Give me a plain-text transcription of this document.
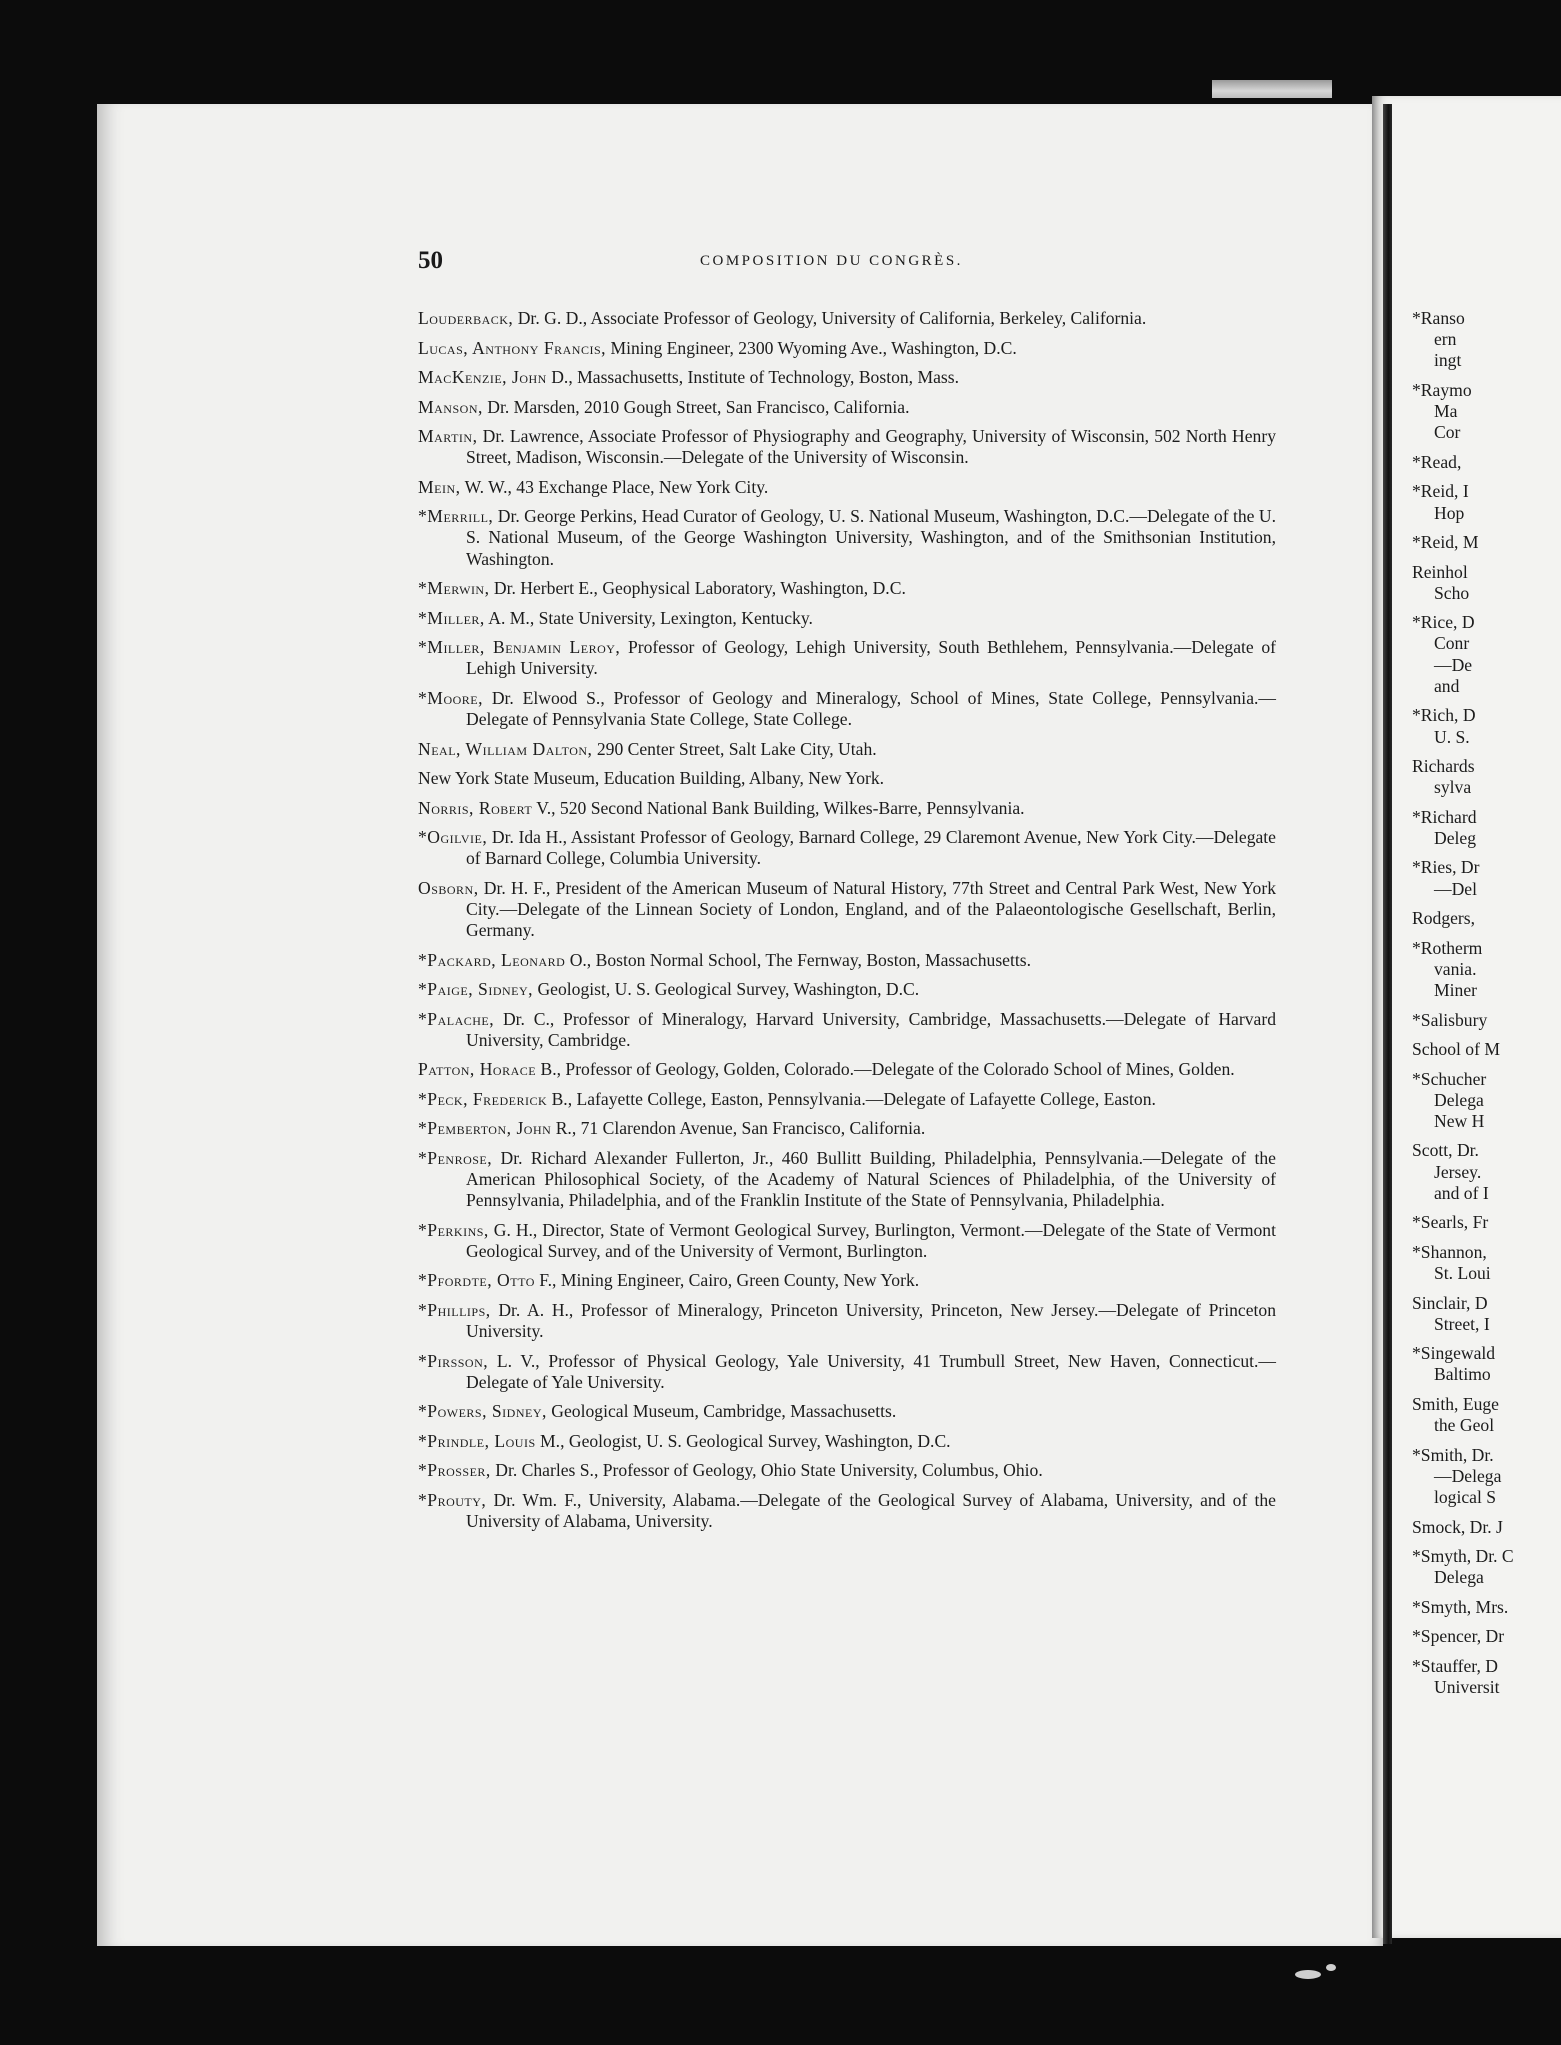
50	COMPOSITION DU CONGRÈS.

Louderback, Dr. G. D., Associate Professor of Geology, University of California, Berkeley, California.

Lucas, Anthony Francis, Mining Engineer, 2300 Wyoming Ave., Washington, D.C.

MacKenzie, John D., Massachusetts, Institute of Technology, Boston, Mass.

Manson, Dr. Marsden, 2010 Gough Street, San Francisco, California.

Martin, Dr. Lawrence, Associate Professor of Physiography and Geography, University of Wisconsin, 502 North Henry Street, Madison, Wisconsin.—Delegate of the University of Wisconsin.

Mein, W. W., 43 Exchange Place, New York City.

*Merrill, Dr. George Perkins, Head Curator of Geology, U. S. National Museum, Washington, D.C.—Delegate of the U. S. National Museum, of the George Washington University, Washington, and of the Smithsonian Institution, Washington.

*Merwin, Dr. Herbert E., Geophysical Laboratory, Washington, D.C.

*Miller, A. M., State University, Lexington, Kentucky.

*Miller, Benjamin Leroy, Professor of Geology, Lehigh University, South Bethlehem, Pennsylvania.—Delegate of Lehigh University.

*Moore, Dr. Elwood S., Professor of Geology and Mineralogy, School of Mines, State College, Pennsylvania.—Delegate of Pennsylvania State College, State College.

Neal, William Dalton, 290 Center Street, Salt Lake City, Utah.

New York State Museum, Education Building, Albany, New York.

Norris, Robert V., 520 Second National Bank Building, Wilkes-Barre, Pennsylvania.

*Ogilvie, Dr. Ida H., Assistant Professor of Geology, Barnard College, 29 Claremont Avenue, New York City.—Delegate of Barnard College, Columbia University.

Osborn, Dr. H. F., President of the American Museum of Natural History, 77th Street and Central Park West, New York City.—Delegate of the Linnean Society of London, England, and of the Palaeontologische Gesellschaft, Berlin, Germany.

*Packard, Leonard O., Boston Normal School, The Fernway, Boston, Massachusetts.

*Paige, Sidney, Geologist, U. S. Geological Survey, Washington, D.C.

*Palache, Dr. C., Professor of Mineralogy, Harvard University, Cambridge, Massachusetts.—Delegate of Harvard University, Cambridge.

Patton, Horace B., Professor of Geology, Golden, Colorado.—Delegate of the Colorado School of Mines, Golden.

*Peck, Frederick B., Lafayette College, Easton, Pennsylvania.—Delegate of Lafayette College, Easton.

*Pemberton, John R., 71 Clarendon Avenue, San Francisco, California.

*Penrose, Dr. Richard Alexander Fullerton, Jr., 460 Bullitt Building, Philadelphia, Pennsylvania.—Delegate of the American Philosophical Society, of the Academy of Natural Sciences of Philadelphia, of the University of Pennsylvania, Philadelphia, and of the Franklin Institute of the State of Pennsylvania, Philadelphia.

*Perkins, G. H., Director, State of Vermont Geological Survey, Burlington, Vermont.—Delegate of the State of Vermont Geological Survey, and of the University of Vermont, Burlington.

*Pfordte, Otto F., Mining Engineer, Cairo, Green County, New York.

*Phillips, Dr. A. H., Professor of Mineralogy, Princeton University, Princeton, New Jersey.—Delegate of Princeton University.

*Pirsson, L. V., Professor of Physical Geology, Yale University, 41 Trumbull Street, New Haven, Connecticut.—Delegate of Yale University.

*Powers, Sidney, Geological Museum, Cambridge, Massachusetts.

*Prindle, Louis M., Geologist, U. S. Geological Survey, Washington, D.C.

*Prosser, Dr. Charles S., Professor of Geology, Ohio State University, Columbus, Ohio.

*Prouty, Dr. Wm. F., University, Alabama.—Delegate of the Geological Survey of Alabama, University, and of the University of Alabama, University.

*Ranso
ern
ingt
*Raymo
Ma
Cor
*Read,
*Reid, I
Hop
*Reid, M
Reinhol
Scho
*Rice, D
Conr
—De
and
*Rich, D
U. S.
Richards
sylva
*Richard
Deleg
*Ries, Dr
—Del
Rodgers,
*Rotherm
vania.
Miner
*Salisbury
School of M
*Schucher
Delega
New H
Scott, Dr.
Jersey.
and of I
*Searls, Fr
*Shannon,
St. Loui
Sinclair, D
Street, I
*Singewald
Baltimo
Smith, Euge
the Geol
*Smith, Dr.
—Delega
logical S
Smock, Dr. J
*Smyth, Dr. C
Delega
*Smyth, Mrs.
*Spencer, Dr
*Stauffer, D
Universit
